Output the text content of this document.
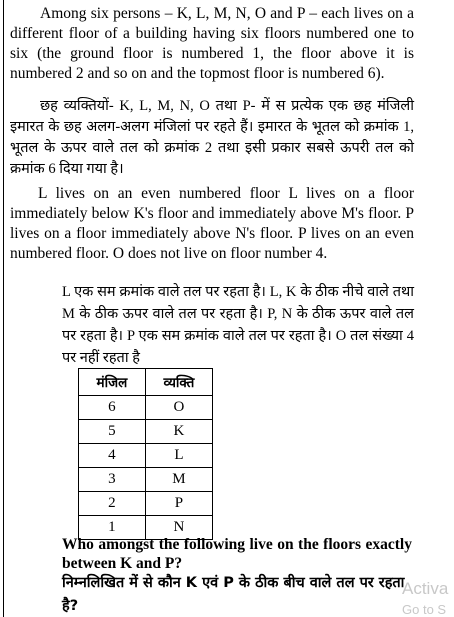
Among six persons – K, L, M, N, O and P – each lives on a different floor of a building having six floors numbered one to six (the ground floor is numbered 1, the floor above it is numbered 2 and so on and the topmost floor is numbered 6).

छह व्यक्तियों- K, L, M, N, O तथा P- में स प्रत्येक एक छह मंजिली इमारत के छह अलग-अलग मंजिलां पर रहते हैं। इमारत के भूतल को क्रमांक 1, भूतल के ऊपर वाले तल को क्रमांक 2 तथा इसी प्रकार सबसे ऊपरी तल को क्रमांक 6 दिया गया है।

L lives on an even numbered floor L lives on a floor immediately below K's floor and immediately above M's floor. P lives on a floor immediately above N's floor. P lives on an even numbered floor. O does not live on floor number 4.

L एक सम क्रमांक वाले तल पर रहता है। L, K के ठीक नीचे वाले तथा M के ठीक ऊपर वाले तल पर रहता है। P, N के ठीक ऊपर वाले तल पर रहता है। P एक सम क्रमांक वाले तल पर रहता है। O तल संख्या 4 पर नहीं रहता है

मंजिल	व्यक्ति
6	O
5	K
4	L
3	M
2	P
1	N

Who amongst the following live on the floors exactly between K and P?

निम्नलिखित में से कौन K एवं P के ठीक बीच वाले तल पर रहता है?

Activa
Go to S
